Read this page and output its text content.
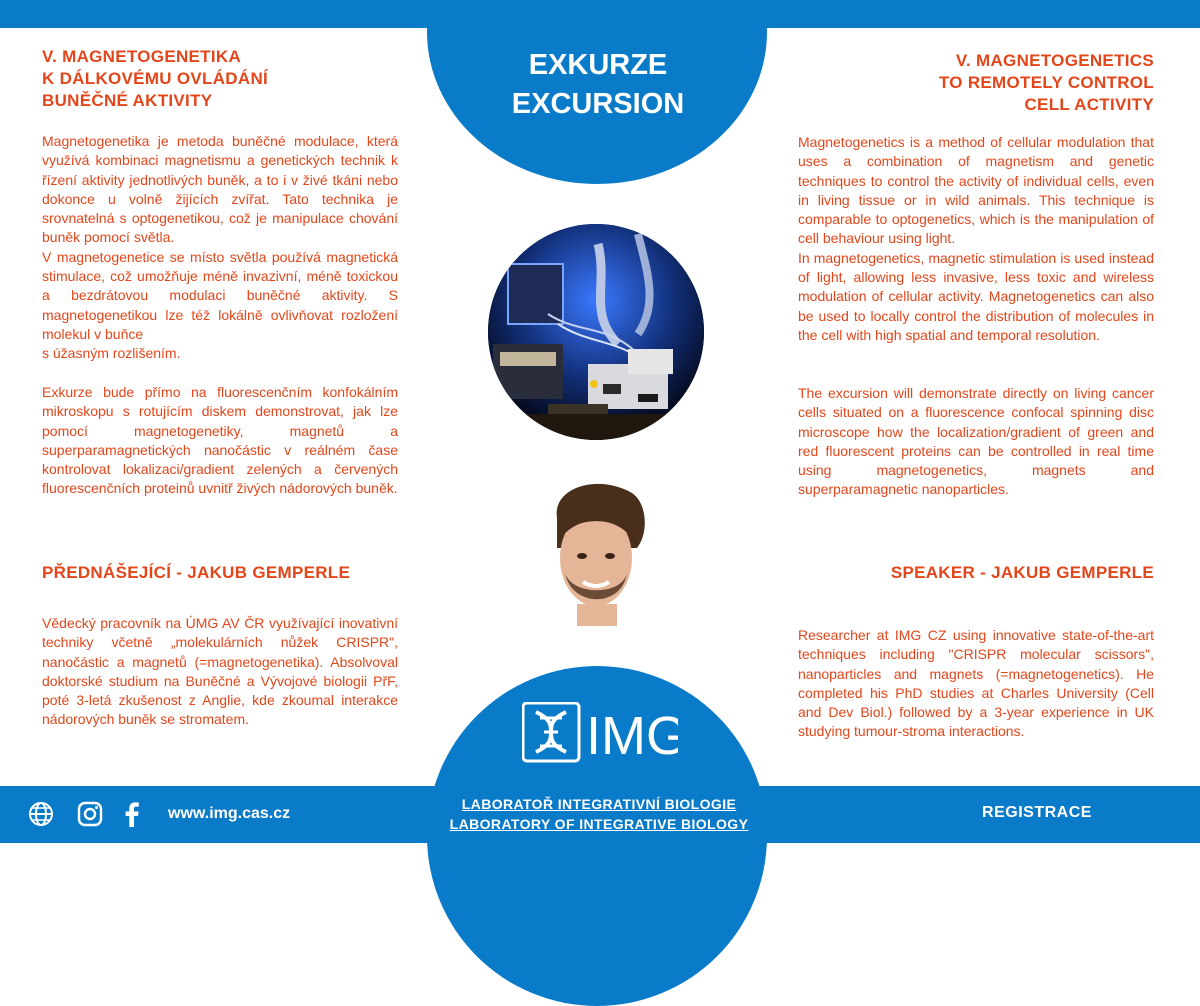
EXKURZE
EXCURSION
V. MAGNETOGENETIKA
K DÁLKOVÉMU OVLÁDÁNÍ
BUNĚČNÉ AKTIVITY
Magnetogenetika je metoda buněčné modulace, která využívá kombinaci magnetismu a genetických technik k řízení aktivity jednotlivých buněk, a to i v živé tkáni nebo dokonce u volně žijících zvířat. Tato technika je srovnatelná s optogenetikou, což je manipulace chování buněk pomocí světla.
V magnetogenetice se místo světla používá magnetická stimulace, což umožňuje méně invazivní, méně toxickou a bezdrátovou modulaci buněčné aktivity. S magnetogenetikou lze též lokálně ovlivňovat rozložení molekul v buňce
s úžasným rozlišením.
Exkurze bude přímo na fluorescenčním konfokálním mikroskopu s rotujícím diskem demonstrovat, jak lze pomocí magnetogenetiky, magnetů a superparamagnetických nanočástic v reálném čase kontrolovat lokalizaci/gradient zelených a červených fluorescenčních proteinů uvnitř živých nádorových buněk.
PŘEDNÁŠEJÍCÍ - JAKUB GEMPERLE
Vědecký pracovník na ÚMG AV ČR využívající inovativní techniky včetně „molekulárních nůžek CRISPR", nanočástic a magnetů (=magnetogenetika). Absolvoval doktorské studium na Buněčné a Vývojové biologii PřF, poté 3-letá zkušenost z Anglie, kde zkoumal interakce nádorových buněk se stromatem.
V. MAGNETOGENETICS
TO REMOTELY CONTROL
CELL ACTIVITY
Magnetogenetics is a method of cellular modulation that uses a combination of magnetism and genetic techniques to control the activity of individual cells, even in living tissue or in wild animals. This technique is comparable to optogenetics, which is the manipulation of cell behaviour using light.
In magnetogenetics, magnetic stimulation is used instead of light, allowing less invasive, less toxic and wireless modulation of cellular activity. Magnetogenetics can also be used to locally control the distribution of molecules in the cell with high spatial and temporal resolution.
The excursion will demonstrate directly on living cancer cells situated on a fluorescence confocal spinning disc microscope how the localization/gradient of green and red fluorescent proteins can be controlled in real time using magnetogenetics, magnets and superparamagnetic nanoparticles.
SPEAKER - JAKUB GEMPERLE
Researcher at IMG CZ using innovative state-of-the-art techniques including "CRISPR molecular scissors", nanoparticles and magnets (=magnetogenetics). He completed his PhD studies at Charles University (Cell and Dev Biol.) followed by a 3-year experience in UK studying tumour-stroma interactions.
IMG
www.img.cas.cz
LABORATOŘ INTEGRATIVNÍ BIOLOGIE
LABORATORY OF INTEGRATIVE BIOLOGY
REGISTRACE
